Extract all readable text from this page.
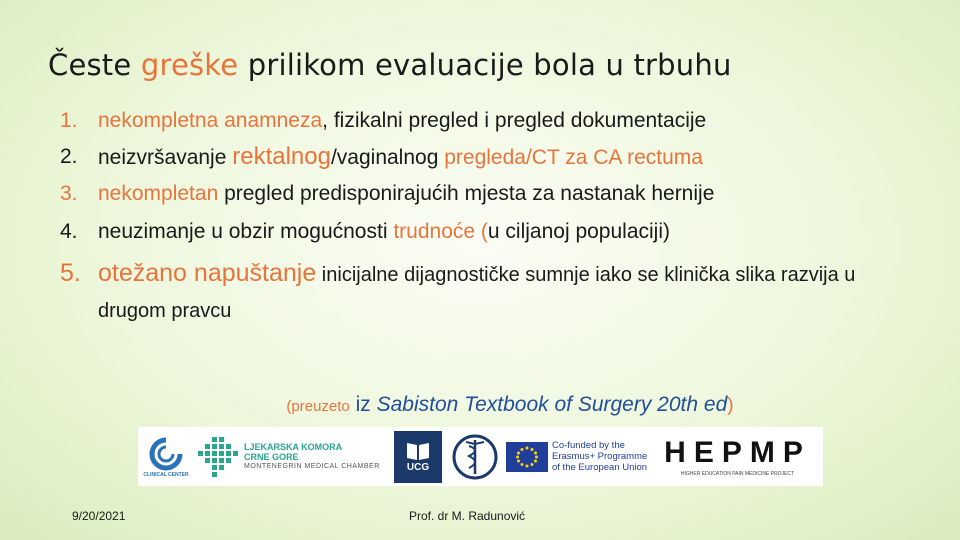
Česte greške prilikom evaluacije bola u trbuhu
1. nekompletna anamneza, fizikalni pregled i pregled dokumentacije
2. neizvršavanje rektalnog/vaginalnog pregleda/CT za CA rectuma
3. nekompletan pregled predisponirajućih mjesta za nastanak hernije
4. neuzimanje u obzir mogućnosti trudnoće (u ciljanoj populaciji)
5. otežano napuštanje inicijalne dijagnostičke sumnje iako se klinička slika razvija u drugom pravcu
(preuzeto iz Sabiston Textbook of Surgery 20th ed)
CLINICAL CENTER
LJEKARSKA KOMORA
CRNE GORE
MONTENEGRIN MEDICAL CHAMBER	UCG
Co-funded by the
Erasmus+ Programme
of the European Union HEPMP
HIGHER EDUCATION PAIN MEDICINE PROJECT
9/20/2021	Prof. dr M. Radunović
